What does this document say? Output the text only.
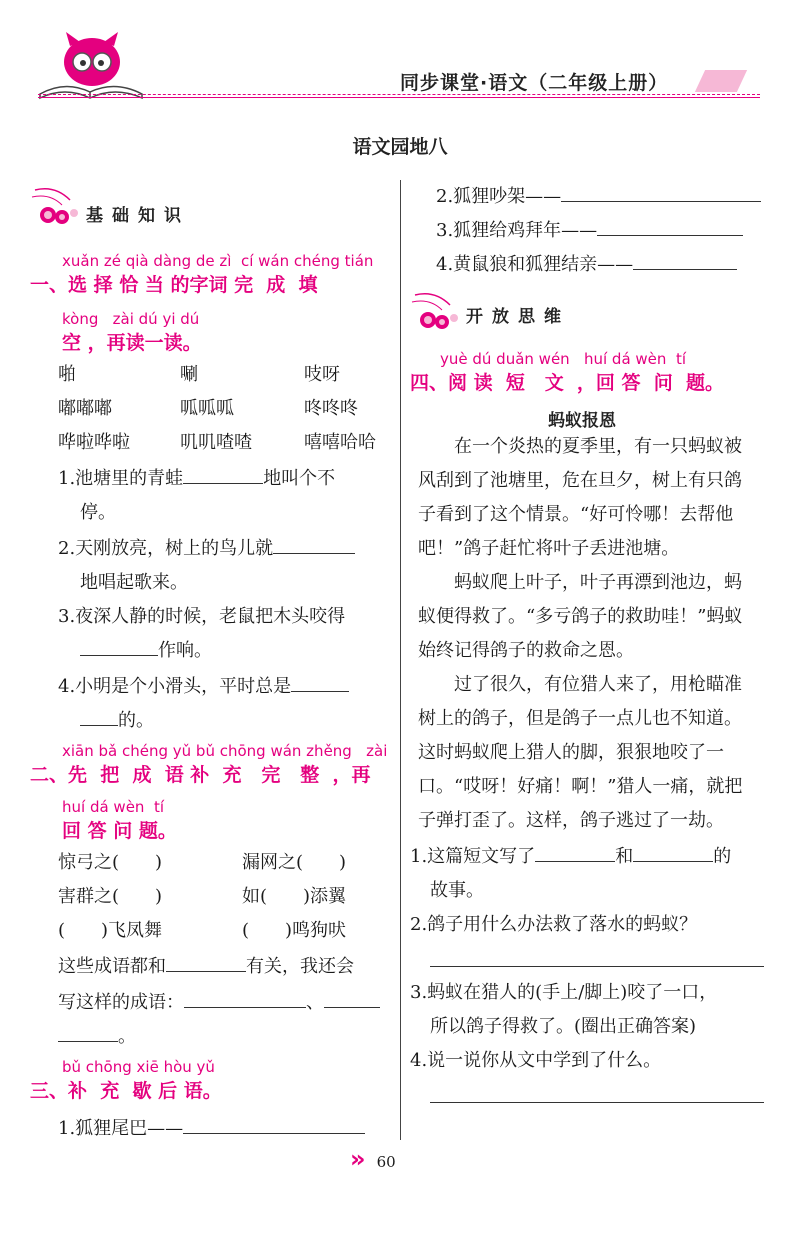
同步课堂·语文（二年级上册）
语文园地八
基础知识
xuǎn zé qià dàng de zì  cí wán chéng tián
一、选 择 恰 当 的字词 完  成  填
kòng   zài dú yi dú
空 ，再读一读。
啪	唰	吱呀
嘟嘟嘟	呱呱呱	咚咚咚
哗啦哗啦	叽叽喳喳	嘻嘻哈哈
1.池塘里的青蛙	地叫个不
停。
2.天刚放亮，树上的鸟儿就
地唱起歌来。
3.夜深人静的时候，老鼠把木头咬得
作响。
4.小明是个小滑头，平时总是
的。
xiān bǎ chéng yǔ bǔ chōng wán zhěng   zài
二、先  把  成  语 补  充   完   整  ，再
huí dá wèn  tí
回 答 问 题。
惊弓之(　　)	漏网之(　　)
害群之(　　)	如(　　)添翼
(　　)飞凤舞	(　　)鸣狗吠
这些成语都和	有关，我还会
写这样的成语：	、
。
bǔ chōng xiē hòu yǔ
三、补  充  歇 后 语。
1.狐狸尾巴——
2.狐狸吵架——
3.狐狸给鸡拜年——
4.黄鼠狼和狐狸结亲——
开放思维
yuè dú duǎn wén   huí dá wèn  tí
四、阅 读  短   文  ，回 答  问  题。
蚂蚁报恩
　　在一个炎热的夏季里，有一只蚂蚁被
风刮到了池塘里，危在旦夕，树上有只鸽
子看到了这个情景。“好可怜哪！去帮他
吧！”鸽子赶忙将叶子丢进池塘。
　　蚂蚁爬上叶子，叶子再漂到池边，蚂
蚁便得救了。“多亏鸽子的救助哇！”蚂蚁
始终记得鸽子的救命之恩。
　　过了很久，有位猎人来了，用枪瞄准
树上的鸽子，但是鸽子一点儿也不知道。
这时蚂蚁爬上猎人的脚，狠狠地咬了一
口。“哎呀！好痛！啊！”猎人一痛，就把
子弹打歪了。这样，鸽子逃过了一劫。
1.这篇短文写了	和	的
故事。
2.鸽子用什么办法救了落水的蚂蚁？
3.蚂蚁在猎人的(手上/脚上)咬了一口，
所以鸽子得救了。(圈出正确答案)
4.说一说你从文中学到了什么。
» 60
